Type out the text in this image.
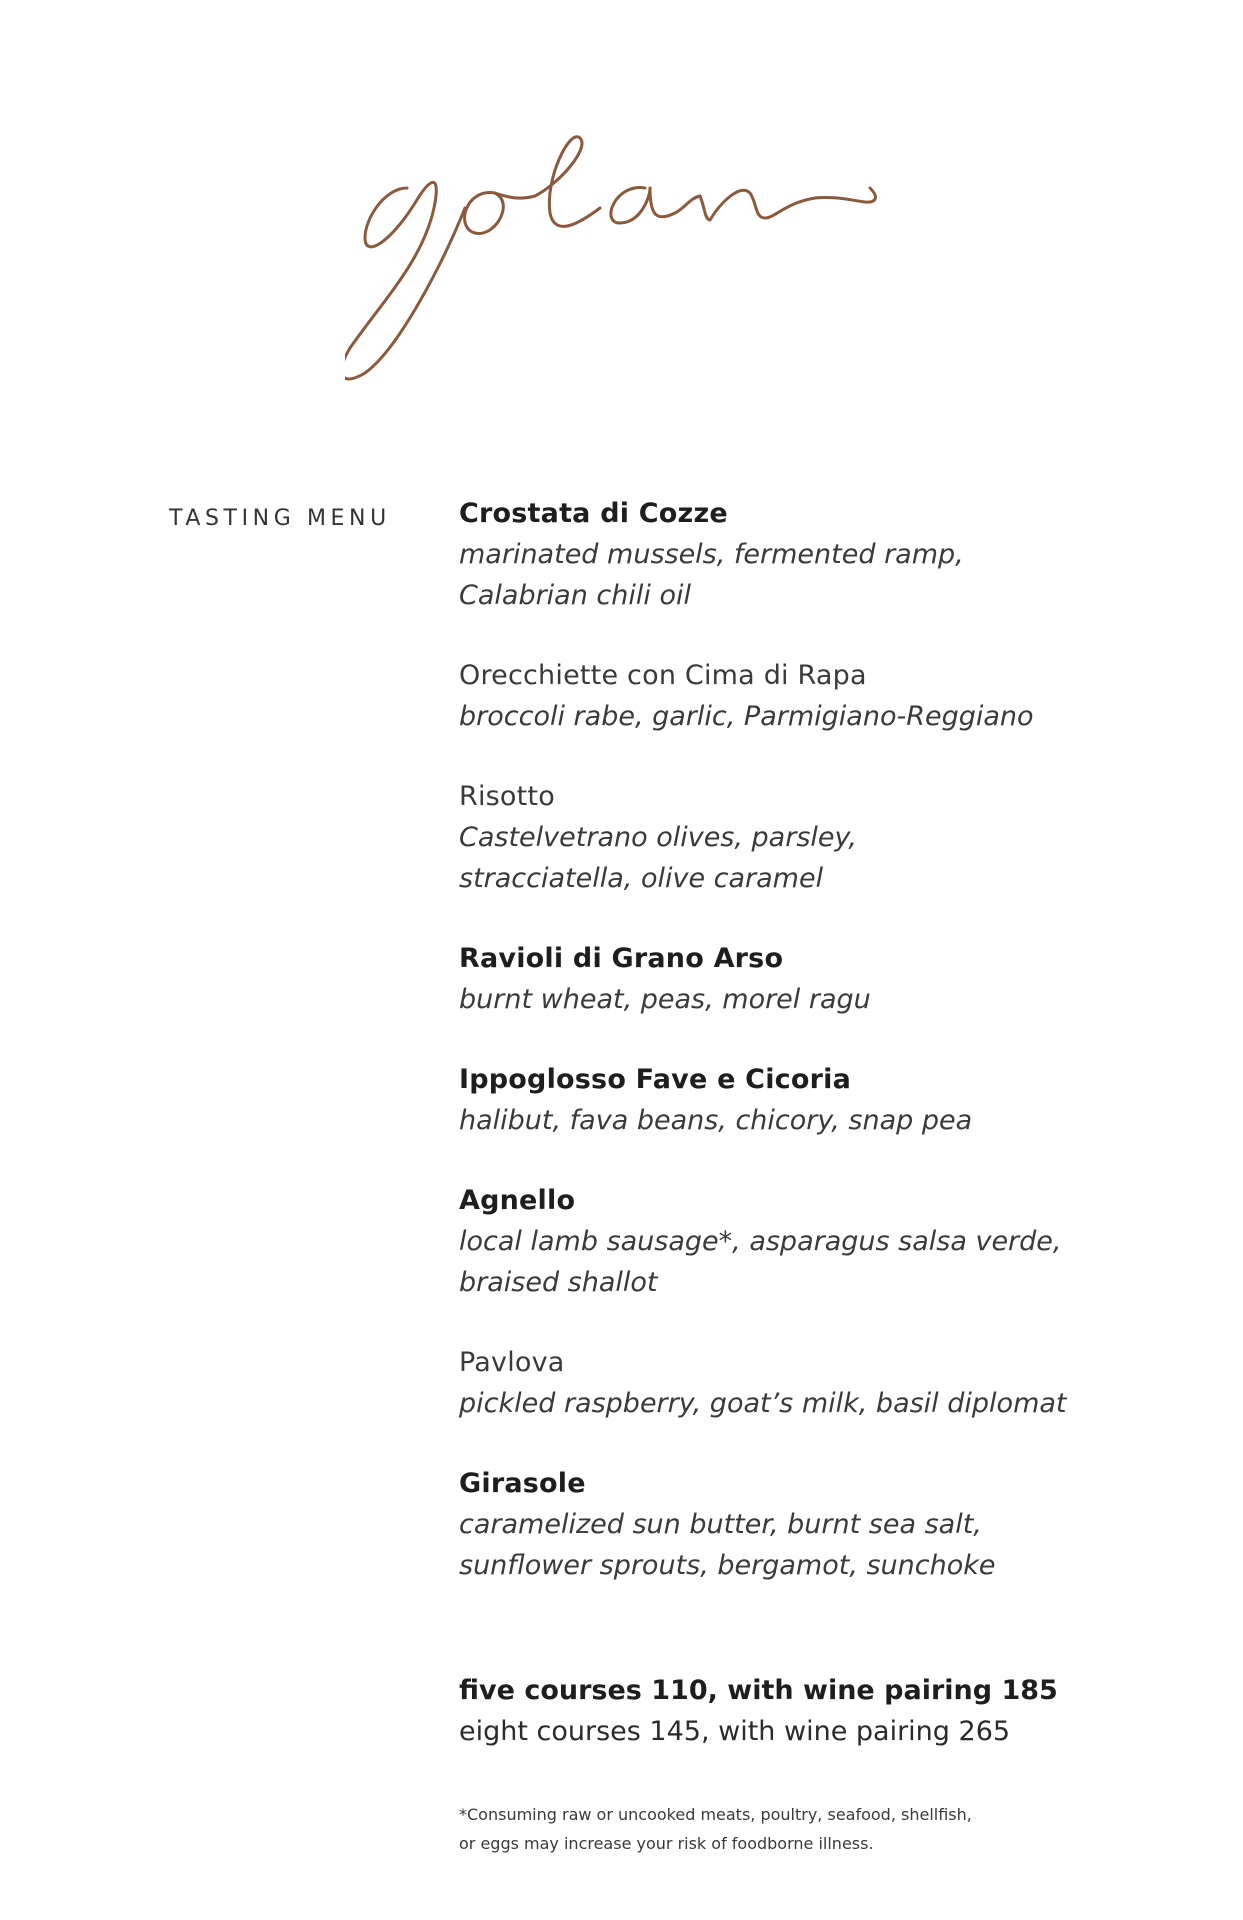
TASTING MENU	Crostata di Cozze
marinated mussels, fermented ramp,
Calabrian chili oil
Orecchiette con Cima di Rapa
broccoli rabe, garlic, Parmigiano-Reggiano
Risotto
Castelvetrano olives, parsley,
stracciatella, olive caramel
Ravioli di Grano Arso
burnt wheat, peas, morel ragu
Ippoglosso Fave e Cicoria
halibut, fava beans, chicory, snap pea
Agnello
local lamb sausage*, asparagus salsa verde,
braised shallot
Pavlova
pickled raspberry, goat’s milk, basil diplomat
Girasole
caramelized sun butter, burnt sea salt,
sunflower sprouts, bergamot, sunchoke
five courses 110, with wine pairing 185
eight courses 145, with wine pairing 265
*Consuming raw or uncooked meats, poultry, seafood, shellfish,
or eggs may increase your risk of foodborne illness.
